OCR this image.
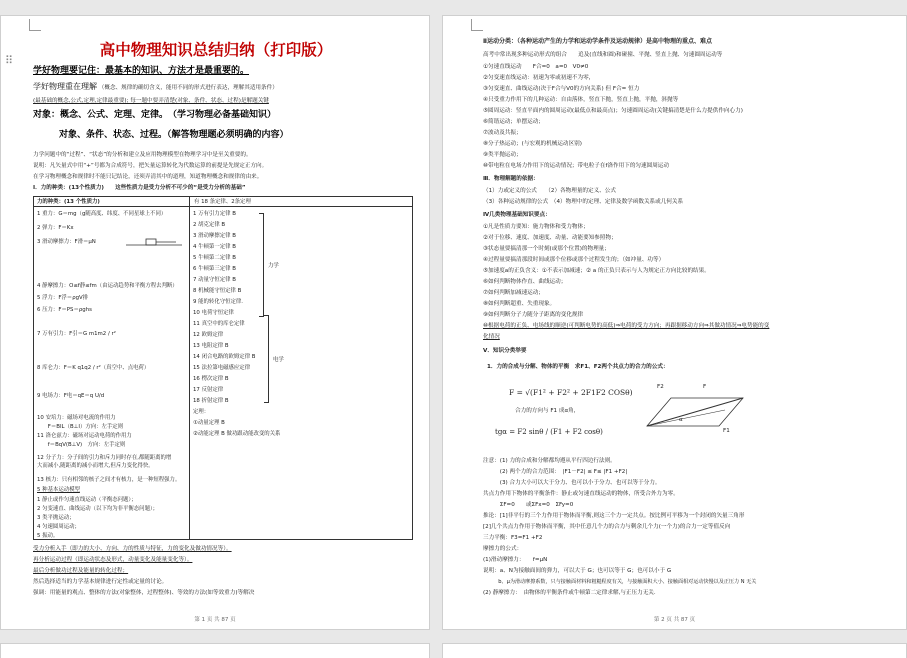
⠿
高中物理知识总结归纳（打印版）
学好物理要记住：最基本的知识、方法才是最重要的。
学好物理重在理解 （概念、规律的确切含义，能用不同的形式进行表达，理解其适用条件）
(最基础的概念,公式,定理,定律最重要); 每一题中要弄清楚(对象、条件、状态、过程)是解题关键
对象：概念、公式、定理、定律。　（学习物理必备基础知识）
对象、条件、状态、过程。（解答物理题必须明确的内容）
力学问题中的“过程”、“状态”的分析和建立及应用物理模型在物理学习中是至关重要的。
说明：凡矢量式中用“+”号都为合成符号，把矢量运算转化为代数运算的前提是先规定正方向。
在学习物理概念和规律时不能只记结论，还须弄清其中的道理，知道物理概念和规律的由来。
Ⅰ．力的种类：(13个性质力)　　这些性质力是受力分析不可少的“是受力分析的基础”
力的种类：(13 个性质力)	有 18 条定律、2条定理
1 重力：G＝mg（g随高度、纬度、不同星球上不同）
2 弹力：F＝Kx
3 滑动摩擦力：F滑＝μN
4 静摩擦力：O≤f静≤fm（由运动趋势和平衡方程去判断）
5 浮力：F浮＝ρgV排
6 压力：F＝PS＝ρghs
7 万有引力：F引＝G m1m2 / r²
8 库仑力：F＝K q1q2 / r²（真空中、点电荷）
9 电场力：F电＝qE＝q U/d
10 安培力：磁场对电流的作用力
　　F＝BIL（B⊥I）方向：左手定则
11 洛仑兹力：磁场对运动电荷的作用力
　　f＝BqV(B⊥V)　方向：左手定则
12 分子力：分子间的引力和斥力同时存在,都随距离的增
大而减小,随距离的减小而增大,但斥力变化得快。
13 核力：只有相邻的核子之间才有核力，是一种短程强力。
5 种基本运动模型
1 静止或作匀速直线运动（平衡态问题）；
2 匀变速直、曲线运动（以下均为非平衡态问题）；
3 类平抛运动；
4 匀速圆周运动；
5 振动。
1 万有引力定律 B
2 胡克定律 B
3 滑动摩擦定律 B
4 牛顿第一定律 B
5 牛顿第二定律 B
6 牛顿第三定律 B
7 动量守恒定律 B
8 机械能守恒定律 B
9 能的转化守恒定律.
10 电荷守恒定律
11 真空中的库仑定律
12 欧姆定律
13 电阻定律 B
14 闭合电路的欧姆定律 B
15 法拉第电磁感应定律
16 楞次定律 B
17 反射定律
18 折射定律 B
定理：
①动量定理 B
②动能定理 B 做功跟动能改变的关系
力学
电学
受力分析入手（即力的大小、方向、力的性质与特征，力的变化及做功情况等）。
再分析运动过程（即运动状态及形式，动量变化及能量变化等）。
最后分析做功过程及能量的转化过程；
然后选择适当的力学基本规律进行定性或定量的讨论。
强调：用能量的观点、整体的方法(对象整体，过程整体)、等效的方法(如等效重力)等解决
第 1 页 共 87 页
Ⅱ运动分类：（各种运动产生的力学和运动学条件及运动规律）是高中物理的重点、难点
高考中常出现多种运动形式的组合　　追及(直线和圆)和碰撞、平抛、竖直上抛、匀速圆周运动等
①匀速直线运动　　F合=0　a=0　V0≠0
②匀变速直线运动：初速为零或初速不为零，
③匀变速直、曲线运动(决于F合与V0的方向关系) 但 F合= 恒力
④只受重力作用下的几种运动：自由落体，竖直下抛，竖直上抛，平抛，斜抛等
⑤圆周运动：竖直平面内的圆周运动(最低点和最高点)；匀速圆周运动(关键搞清楚是什么力提供作向心力)
⑥简谐运动；单摆运动；
⑦波动及共振；
⑧分子热运动；(与宏观的机械运动区别)
⑨类平抛运动；
⑩带电粒在电场力作用下的运动情况；带电粒子在f洛作用下的匀速圆周运动
Ⅲ．物理解题的依据：
（1）力或定义的公式　　（2）各物理量的定义、公式
（3）各种运动规律的公式　（4）物理中的定理、定律及数学函数关系或几何关系
Ⅳ几类物理基础知识要点：
①凡是性质力要知：施力物体和受力物体；
②对于位移、速度、加速度、动量、动能要知参照物；
③状态量要搞清那一个时刻(或那个位置)的物理量；
④过程量要搞清那段时间或那个位移或那个过程发生的；（如冲量、功等）
⑤加速度a的正负含义：①不表示加减速；② a 的正负只表示与人为规定正方向比较的结果。
⑥如何判断物体作直、曲线运动；
⑦如何判断加减速运动；
⑧如何判断超重、失重现象。
⑨如何判断分子力随分子距离的变化规律
⑩根据电荷的正负、电场线的顺逆(可判断电势的高低)⇒电荷的受力方向；再跟据移动方向⇒其做功情况⇒电势能的变
化情况
Ⅴ．知识分类举要
1．力的合成与分解、物体的平衡　求F1、F2两个共点力的合力的公式：
F = √(F1² + F2² + 2F1F2 COSθ)
合力的方向与 F1 成α角，
tgα = F2 sinθ / (F1 + F2 cosθ)
F2	F
F1
α
注意：(1) 力的合成和分解都均遵从平行四边行法则。
　　　(2) 两个力的合力范围：　|F1－F2| ≤ F≤ |F1 +F2|
　　　(3) 合力大小可以大于分力、也可以小于分力、也可以等于分力。
共点力作用下物体的平衡条件：静止或匀速直线运动的物体，所受合外力为零。
　　　ΣF=0　　或ΣFx=0　ΣFy=0
推论：[1]非平行的三个力作用于物体而平衡,则这三个力一定共点。按比例可平移为一个封闭的矢量三角形
[2]几个共点力作用于物体而平衡，其中任意几个力的合力与剩余几个力(一个力)的合力一定等值反向
三力平衡：F3=F1 +F2
摩擦力的公式：
(1)滑动摩擦力：　　f=μN
说明：a、N为接触面间的弹力，可以大于 G；也可以等于 G；也可以小于 G
　　　b、μ为滑动摩擦系数，只与接触面材料和粗糙程度有关，与接触面积大小、接触面相对运动快慢以及正压力 N 无关
(2) 静摩擦力：　由物体的平衡条件或牛顿第二定律求解,与正压力无关.
第 2 页 共 87 页
